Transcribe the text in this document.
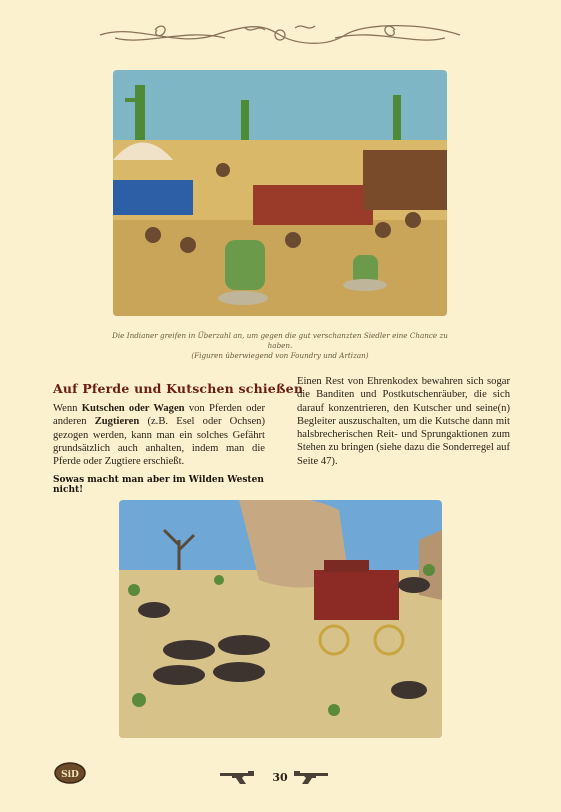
Die Indianer greifen in Überzahl an, um gegen die gut verschanzten Siedler eine Chance zu haben.
(Figuren überwiegend von Foundry und Artizan)
Auf Pferde und Kutschen schießen
Wenn Kutschen oder Wagen von Pferden oder anderen Zugtieren (z.B. Esel oder Ochsen) gezogen werden, kann man ein solches Gefährt grundsätzlich auch anhalten, indem man die Pferde oder Zugtiere erschießt.
Sowas macht man aber im Wilden Westen nicht!
Einen Rest von Ehrenkodex bewahren sich sogar die Banditen und Postkutschenräuber, die sich darauf konzentrieren, den Kutscher und seine(n) Begleiter auszuschalten, um die Kutsche dann mit halsbrecherischen Reit- und Sprungaktionen zum Stehen zu bringen (siehe dazu die Sonderregel auf Seite 47).
SiD	30
